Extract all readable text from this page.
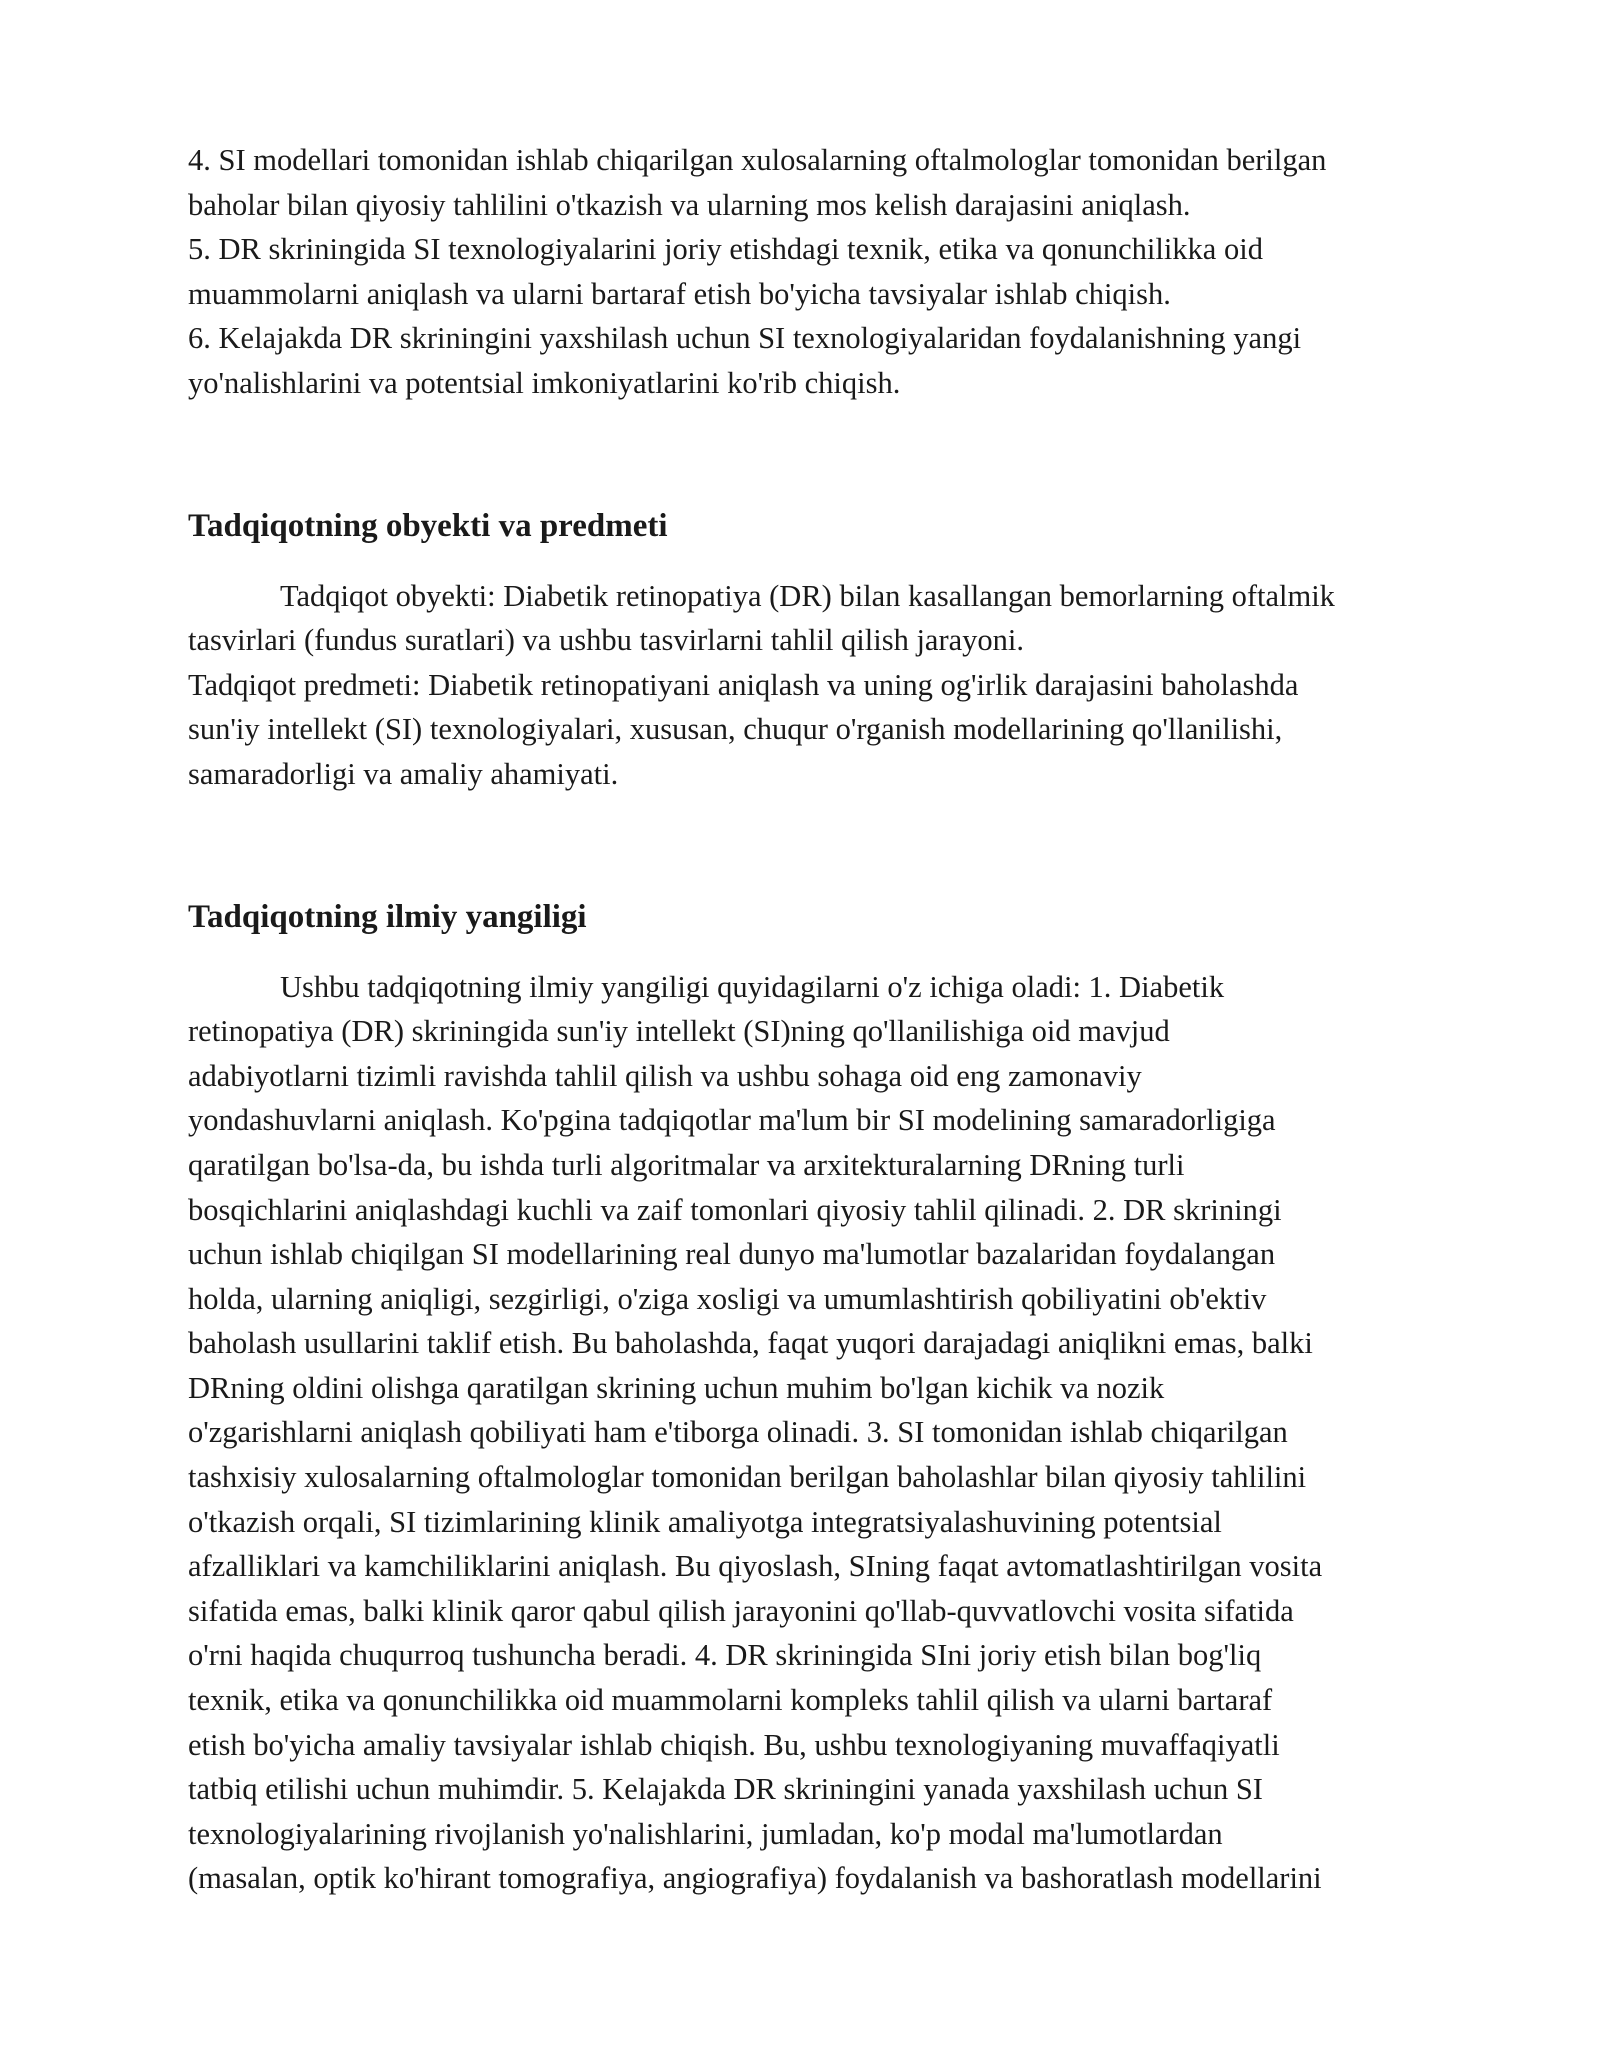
4. SI modellari tomonidan ishlab chiqarilgan xulosalarning oftalmologlar tomonidan berilgan
baholar bilan qiyosiy tahlilini o'tkazish va ularning mos kelish darajasini aniqlash.

5. DR skriningida SI texnologiyalarini joriy etishdagi texnik, etika va qonunchilikka oid
muammolarni aniqlash va ularni bartaraf etish bo'yicha tavsiyalar ishlab chiqish.

6. Kelajakda DR skriningini yaxshilash uchun SI texnologiyalaridan foydalanishning yangi
yo'nalishlarini va potentsial imkoniyatlarini ko'rib chiqish.

Tadqiqotning obyekti va predmeti

Tadqiqot obyekti: Diabetik retinopatiya (DR) bilan kasallangan bemorlarning oftalmik
tasvirlari (fundus suratlari) va ushbu tasvirlarni tahlil qilish jarayoni.

Tadqiqot predmeti: Diabetik retinopatiyani aniqlash va uning og'irlik darajasini baholashda
sun'iy intellekt (SI) texnologiyalari, xususan, chuqur o'rganish modellarining qo'llanilishi,
samaradorligi va amaliy ahamiyati.

Tadqiqotning ilmiy yangiligi

Ushbu tadqiqotning ilmiy yangiligi quyidagilarni o'z ichiga oladi: 1. Diabetik
retinopatiya (DR) skriningida sun'iy intellekt (SI)ning qo'llanilishiga oid mavjud
adabiyotlarni tizimli ravishda tahlil qilish va ushbu sohaga oid eng zamonaviy
yondashuvlarni aniqlash. Ko'pgina tadqiqotlar ma'lum bir SI modelining samaradorligiga
qaratilgan bo'lsa-da, bu ishda turli algoritmalar va arxitekturalarning DRning turli
bosqichlarini aniqlashdagi kuchli va zaif tomonlari qiyosiy tahlil qilinadi. 2. DR skriningi
uchun ishlab chiqilgan SI modellarining real dunyo ma'lumotlar bazalaridan foydalangan
holda, ularning aniqligi, sezgirligi, o'ziga xosligi va umumlashtirish qobiliyatini ob'ektiv
baholash usullarini taklif etish. Bu baholashda, faqat yuqori darajadagi aniqlikni emas, balki
DRning oldini olishga qaratilgan skrining uchun muhim bo'lgan kichik va nozik
o'zgarishlarni aniqlash qobiliyati ham e'tiborga olinadi. 3. SI tomonidan ishlab chiqarilgan
tashxisiy xulosalarning oftalmologlar tomonidan berilgan baholashlar bilan qiyosiy tahlilini
o'tkazish orqali, SI tizimlarining klinik amaliyotga integratsiyalashuvining potentsial
afzalliklari va kamchiliklarini aniqlash. Bu qiyoslash, SIning faqat avtomatlashtirilgan vosita
sifatida emas, balki klinik qaror qabul qilish jarayonini qo'llab-quvvatlovchi vosita sifatida
o'rni haqida chuqurroq tushuncha beradi. 4. DR skriningida SIni joriy etish bilan bog'liq
texnik, etika va qonunchilikka oid muammolarni kompleks tahlil qilish va ularni bartaraf
etish bo'yicha amaliy tavsiyalar ishlab chiqish. Bu, ushbu texnologiyaning muvaffaqiyatli
tatbiq etilishi uchun muhimdir. 5. Kelajakda DR skriningini yanada yaxshilash uchun SI
texnologiyalarining rivojlanish yo'nalishlarini, jumladan, ko'p modal ma'lumotlardan
(masalan, optik ko'hirant tomografiya, angiografiya) foydalanish va bashoratlash modellarini
